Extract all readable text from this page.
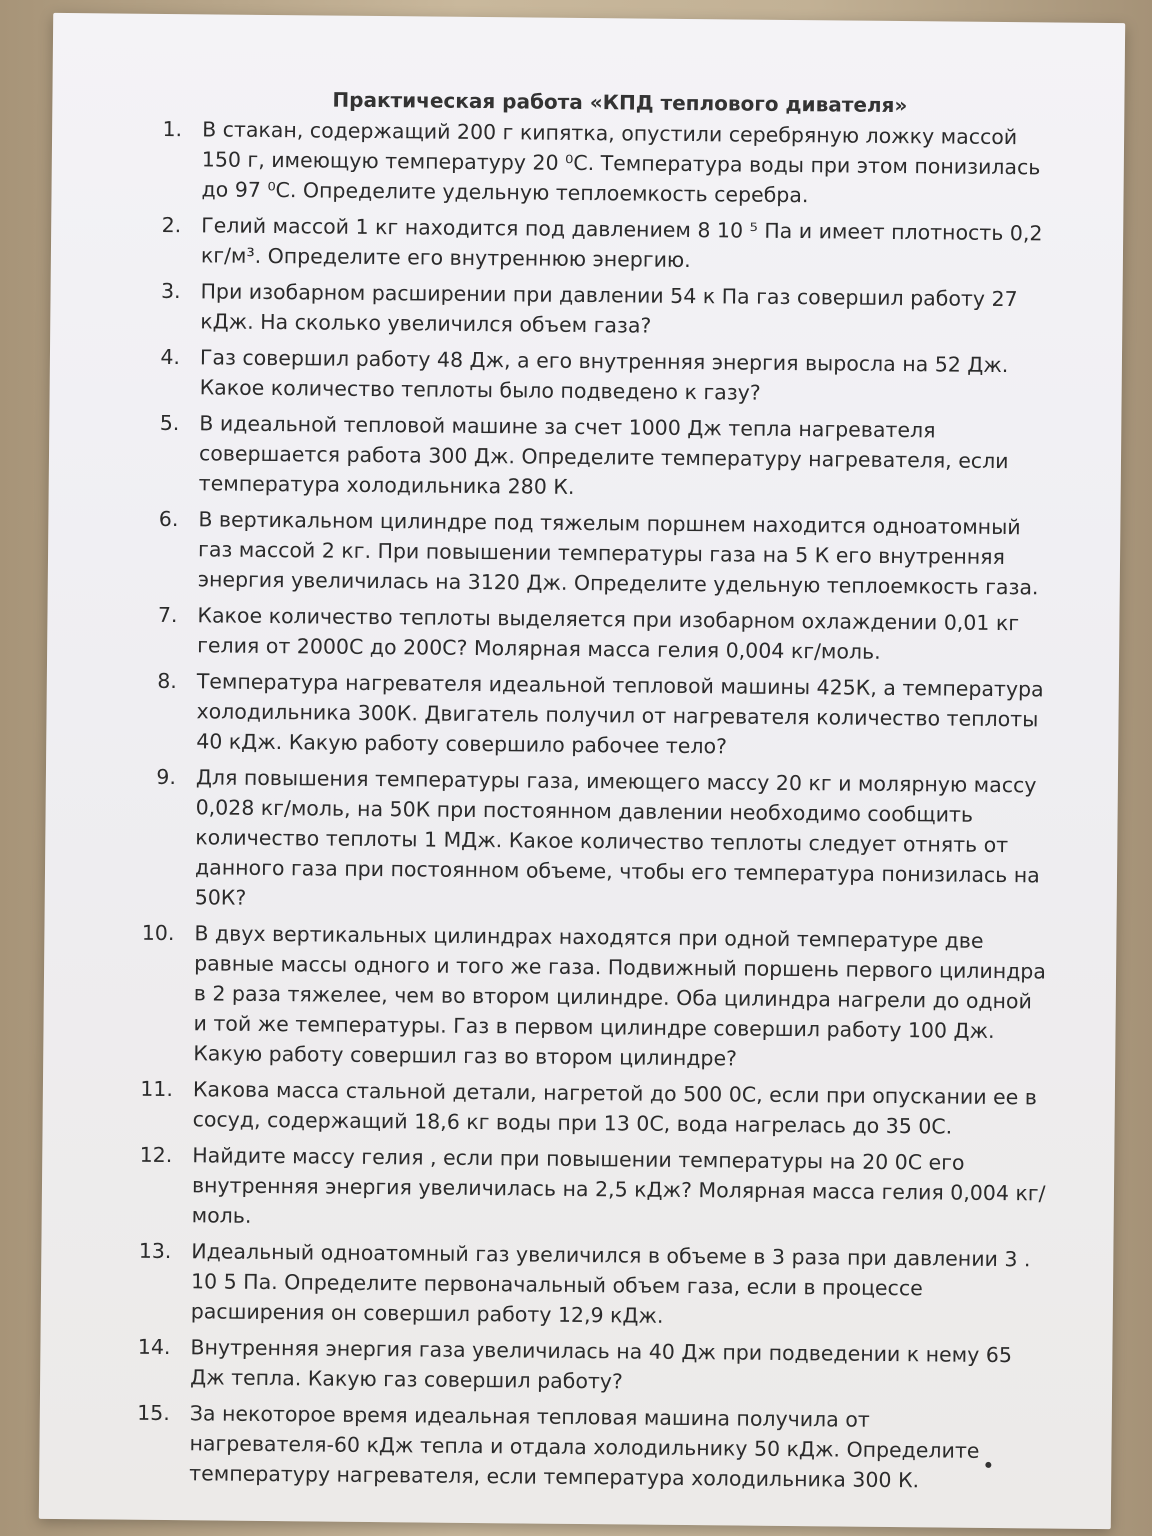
Практическая работа «КПД теплового дивателя»
1. В стакан, содержащий 200 г кипятка, опустили серебряную ложку массой 150 г, имеющую температуру 20 ⁰С. Температура воды при этом понизилась до 97 ⁰С. Определите удельную теплоемкость серебра.
2. Гелий массой 1 кг находится под давлением 8 10 ⁵ Па и имеет плотность 0,2 кг/м³. Определите его внутреннюю энергию.
3. При изобарном расширении при давлении 54 к Па газ совершил работу 27 кДж. На сколько увеличился объем газа?
4. Газ совершил работу 48 Дж, а его внутренняя энергия выросла на 52 Дж. Какое количество теплоты было подведено к газу?
5. В идеальной тепловой машине за счет 1000 Дж тепла нагревателя совершается работа 300 Дж. Определите температуру нагревателя, если температура холодильника 280 К.
6. В вертикальном цилиндре под тяжелым поршнем находится одноатомный газ массой 2 кг. При повышении температуры газа на 5 К его внутренняя энергия увеличилась на 3120 Дж. Определите удельную теплоемкость газа.
7. Какое количество теплоты выделяется при изобарном охлаждении 0,01 кг гелия от 2000С до 200С? Молярная масса гелия 0,004 кг/моль.
8. Температура нагревателя идеальной тепловой машины 425К, а температура холодильника 300К. Двигатель получил от нагревателя количество теплоты 40 кДж. Какую работу совершило рабочее тело?
9. Для повышения температуры газа, имеющего массу 20 кг и молярную массу 0,028 кг/моль, на 50К при постоянном давлении необходимо сообщить количество теплоты 1 МДж. Какое количество теплоты следует отнять от данного газа при постоянном объеме, чтобы его температура понизилась на 50К?
10. В двух вертикальных цилиндрах находятся при одной температуре две равные массы одного и того же газа. Подвижный поршень первого цилиндра в 2 раза тяжелее, чем во втором цилиндре. Оба цилиндра нагрели до одной и той же температуры. Газ в первом цилиндре совершил работу 100 Дж. Какую работу совершил газ во втором цилиндре?
11. Какова масса стальной детали, нагретой до 500 0С, если при опускании ее в сосуд, содержащий 18,6 кг воды при 13 0С, вода нагрелась до 35 0С.
12. Найдите массу гелия , если при повышении температуры на 20 0С его внутренняя энергия увеличилась на 2,5 кДж? Молярная масса гелия 0,004 кг/моль.
13. Идеальный одноатомный газ увеличился в объеме в 3 раза при давлении 3 . 10 5 Па. Определите первоначальный объем газа, если в процессе расширения он совершил работу 12,9 кДж.
14. Внутренняя энергия газа увеличилась на 40 Дж при подведении к нему 65 Дж тепла. Какую газ совершил работу?
15. За некоторое время идеальная тепловая машина получила от нагревателя-60 кДж тепла и отдала холодильнику 50 кДж. Определите температуру нагревателя, если температура холодильника 300 К.
